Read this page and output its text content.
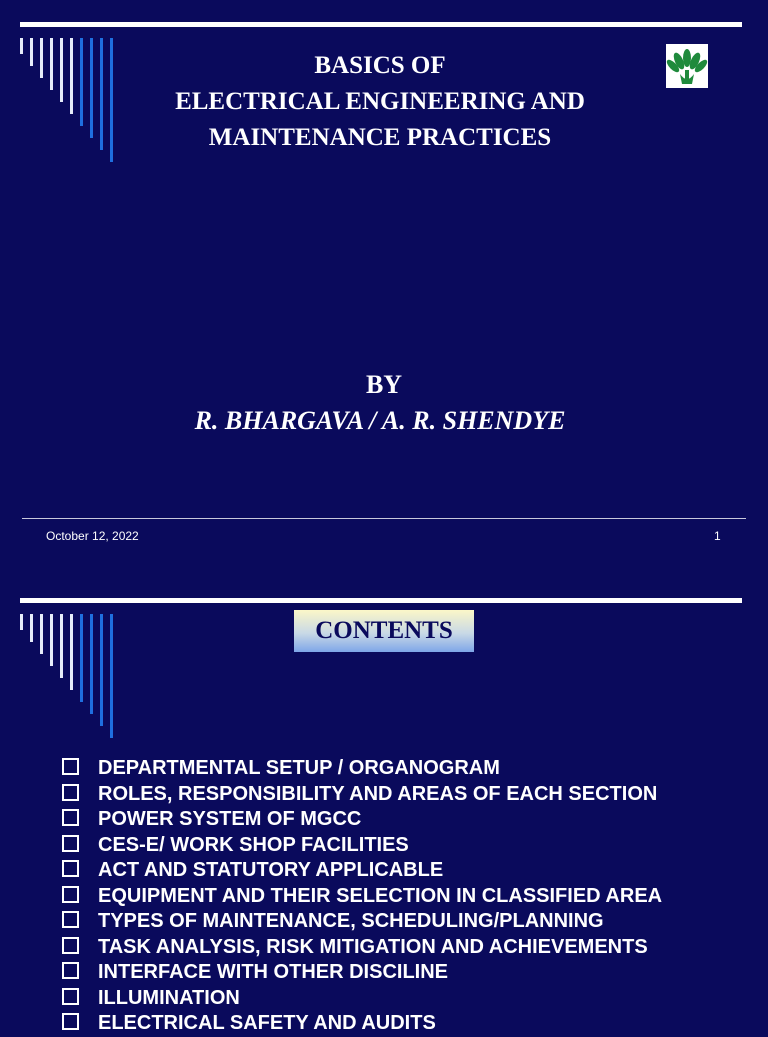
BASICS OF
ELECTRICAL ENGINEERING AND
MAINTENANCE PRACTICES
BY
R. BHARGAVA / A. R. SHENDYE
October 12, 2022	1
CONTENTS
DEPARTMENTAL SETUP / ORGANOGRAM
ROLES, RESPONSIBILITY AND AREAS OF EACH SECTION
POWER SYSTEM OF MGCC
CES-E/ WORK SHOP FACILITIES
ACT AND STATUTORY APPLICABLE
EQUIPMENT AND THEIR SELECTION IN CLASSIFIED AREA
TYPES OF MAINTENANCE, SCHEDULING/PLANNING
TASK ANALYSIS, RISK MITIGATION AND ACHIEVEMENTS
INTERFACE WITH OTHER DISCILINE
ILLUMINATION
ELECTRICAL SAFETY AND AUDITS
